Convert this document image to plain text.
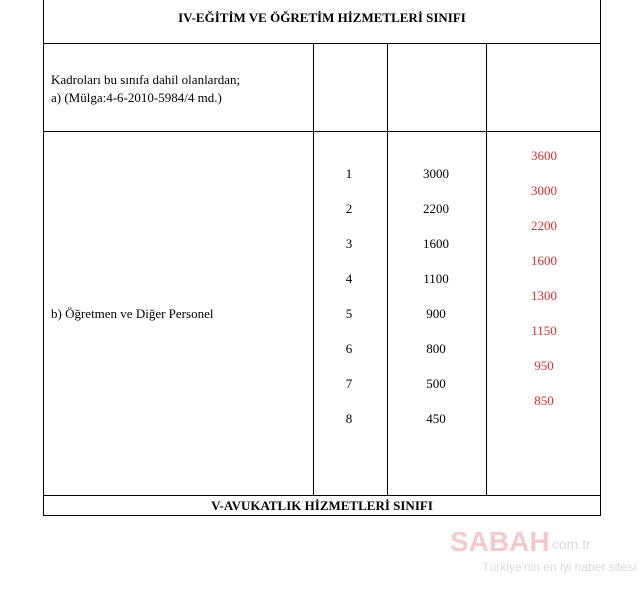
IV-EĞİTİM VE ÖĞRETİM HİZMETLERİ SINIFI
Kadroları bu sınıfa dahil olanlardan;
a) (Mülga:4-6-2010-5984/4 md.)
b) Öğretmen ve Diğer Personel
V-AVUKATLIK HİZMETLERİ SINIFI
1
2
3
4
5
6
7
8
3000
2200
1600
1100
900
800
500
450
3600
3000
2200
1600
1300
1150
950
850
SABAH
.com.tr
Türkiye'nin en iyi haber sitesi
